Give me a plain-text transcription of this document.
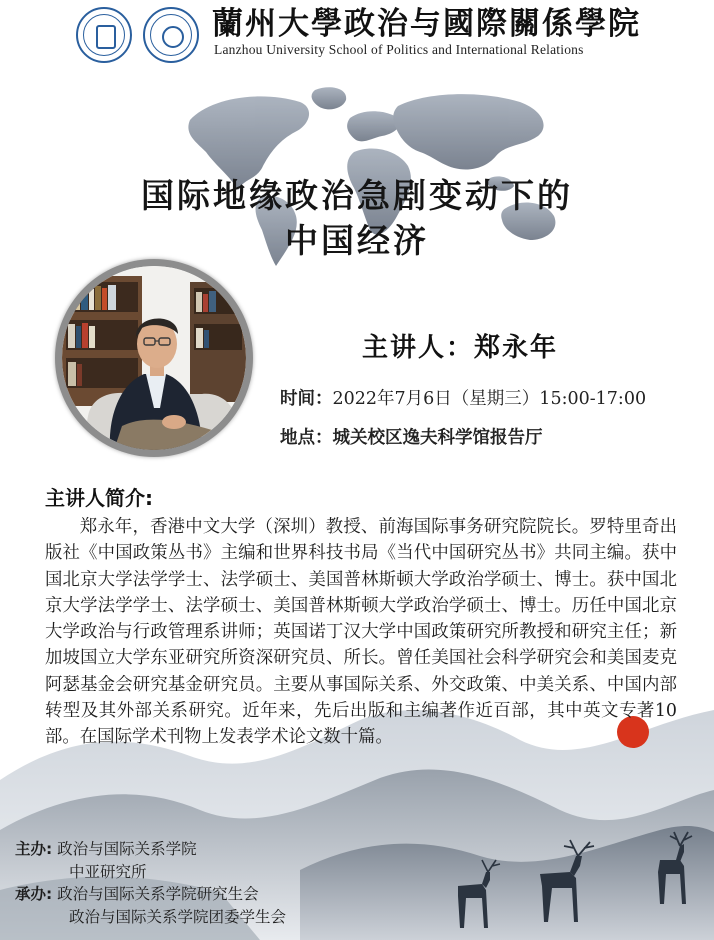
蘭州大學政治与國際關係學院
Lanzhou University School of Politics and International Relations
国际地缘政治急剧变动下的
中国经济
主讲人：郑永年
时间：2022年7月6日（星期三）15:00-17:00
地点：城关校区逸夫科学馆报告厅
主讲人简介:

郑永年，香港中文大学（深圳）教授、前海国际事务研究院院长。罗特里奇出版社《中国政策丛书》主编和世界科技书局《当代中国研究丛书》共同主编。获中国北京大学法学学士、法学硕士、美国普林斯顿大学政治学硕士、博士。获中国北京大学法学学士、法学硕士、美国普林斯顿大学政治学硕士、博士。历任中国北京大学政治与行政管理系讲师；英国诺丁汉大学中国政策研究所教授和研究主任；新加坡国立大学东亚研究所资深研究员、所长。曾任美国社会科学研究会和美国麦克阿瑟基金会研究基金研究员。主要从事国际关系、外交政策、中美关系、中国内部转型及其外部关系研究。近年来，先后出版和主编著作近百部，其中英文专著10部。在国际学术刊物上发表学术论文数十篇。

主办: 政治与国际关系学院
中亚研究所
承办: 政治与国际关系学院研究生会
政治与国际关系学院团委学生会
